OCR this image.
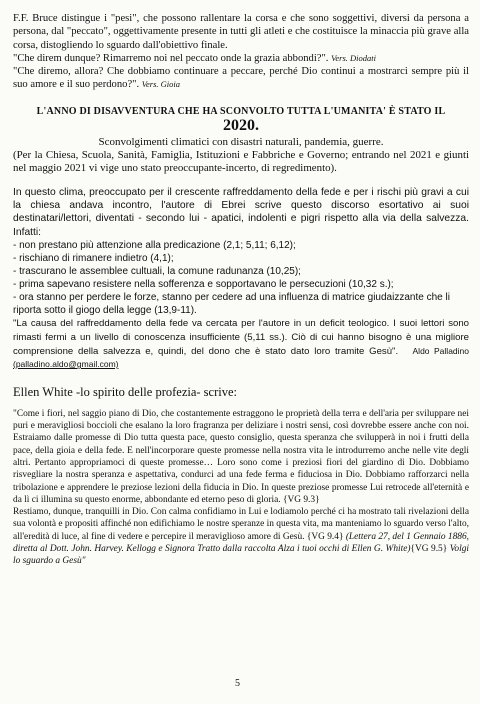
F.F. Bruce distingue i "pesi", che possono rallentare la corsa e che sono soggettivi, diversi da persona a persona, dal "peccato", oggettivamente presente in tutti gli atleti e che costituisce la minaccia più grave alla corsa, distogliendo lo sguardo dall'obiettivo finale.

"Che direm dunque? Rimarremo noi nel peccato onde la grazia abbondi?". Vers. Diodati

"Che diremo, allora? Che dobbiamo continuare a peccare, perché Dio continui a mostrarci sempre più il suo amore e il suo perdono?". Vers. Gioia

L'ANNO DI DISAVVENTURA CHE HA SCONVOLTO TUTTA L'UMANITA' È STATO IL

2020.

Sconvolgimenti climatici con disastri naturali, pandemia, guerre.

(Per la Chiesa, Scuola, Sanità, Famiglia, Istituzioni e Fabbriche e Governo; entrando nel 2021 e giunti nel maggio 2021 vi vige uno stato preoccupante-incerto, di regredimento).

In questo clima, preoccupato per il crescente raffreddamento della fede e per i rischi più gravi a cui la chiesa andava incontro, l'autore di Ebrei scrive questo discorso esortativo ai suoi destinatari/lettori, diventati - secondo lui - apatici, indolenti e pigri rispetto alla via della salvezza. Infatti:

- non prestano più attenzione alla predicazione (2,1; 5,11; 6,12);

- rischiano di rimanere indietro (4,1);

- trascurano le assemblee cultuali, la comune radunanza (10,25);

- prima sapevano resistere nella sofferenza e sopportavano le persecuzioni (10,32 s.);

- ora stanno per perdere le forze, stanno per cedere ad una influenza di matrice giudaizzante che li riporta sotto il giogo della legge (13,9-11).

"La causa del raffreddamento della fede va cercata per l'autore in un deficit teologico. I suoi lettori sono rimasti fermi a un livello di conoscenza insufficiente (5,11 ss.). Ciò di cui hanno bisogno è una migliore comprensione della salvezza e, quindi, del dono che è stato dato loro tramite Gesù". Aldo Palladino (palladino.aldo@gmail.com)

Ellen White -lo spirito delle profezia- scrive:

"Come i fiori, nel saggio piano di Dio, che costantemente estraggono le proprietà della terra e dell'aria per sviluppare nei puri e meravigliosi boccioli che esalano la loro fragranza per deliziare i nostri sensi, così dovrebbe essere anche con noi. Estraiamo dalle promesse di Dio tutta questa pace, questo consiglio, questa speranza che svilupperà in noi i frutti della pace, della gioia e della fede. E nell'incorporare queste promesse nella nostra vita le introdurremo anche nelle vite degli altri. Pertanto appropriamoci di queste promesse… Loro sono come i preziosi fiori del giardino di Dio. Dobbiamo risvegliare la nostra speranza e aspettativa, condurci ad una fede ferma e fiduciosa in Dio. Dobbiamo rafforzarci nella tribolazione e apprendere le preziose lezioni della fiducia in Dio. In queste preziose promesse Lui retrocede all'eternità e da lì ci illumina su questo enorme, abbondante ed eterno peso di gloria. {VG 9.3}

Restiamo, dunque, tranquilli in Dio. Con calma confidiamo in Lui e lodiamolo perché ci ha mostrato tali rivelazioni della sua volontà e propositi affinché non edifichiamo le nostre speranze in questa vita, ma manteniamo lo sguardo verso l'alto, all'eredità di luce, al fine di vedere e percepire il meraviglioso amore di Gesù. {VG 9.4} (Lettera 27, del 1 Gennaio 1886, diretta al Dott. John. Harvey. Kellogg e Signora Tratto dalla raccolta Alza i tuoi occhi di Ellen G. White){VG 9.5} Volgi lo sguardo a Gesù"

5
